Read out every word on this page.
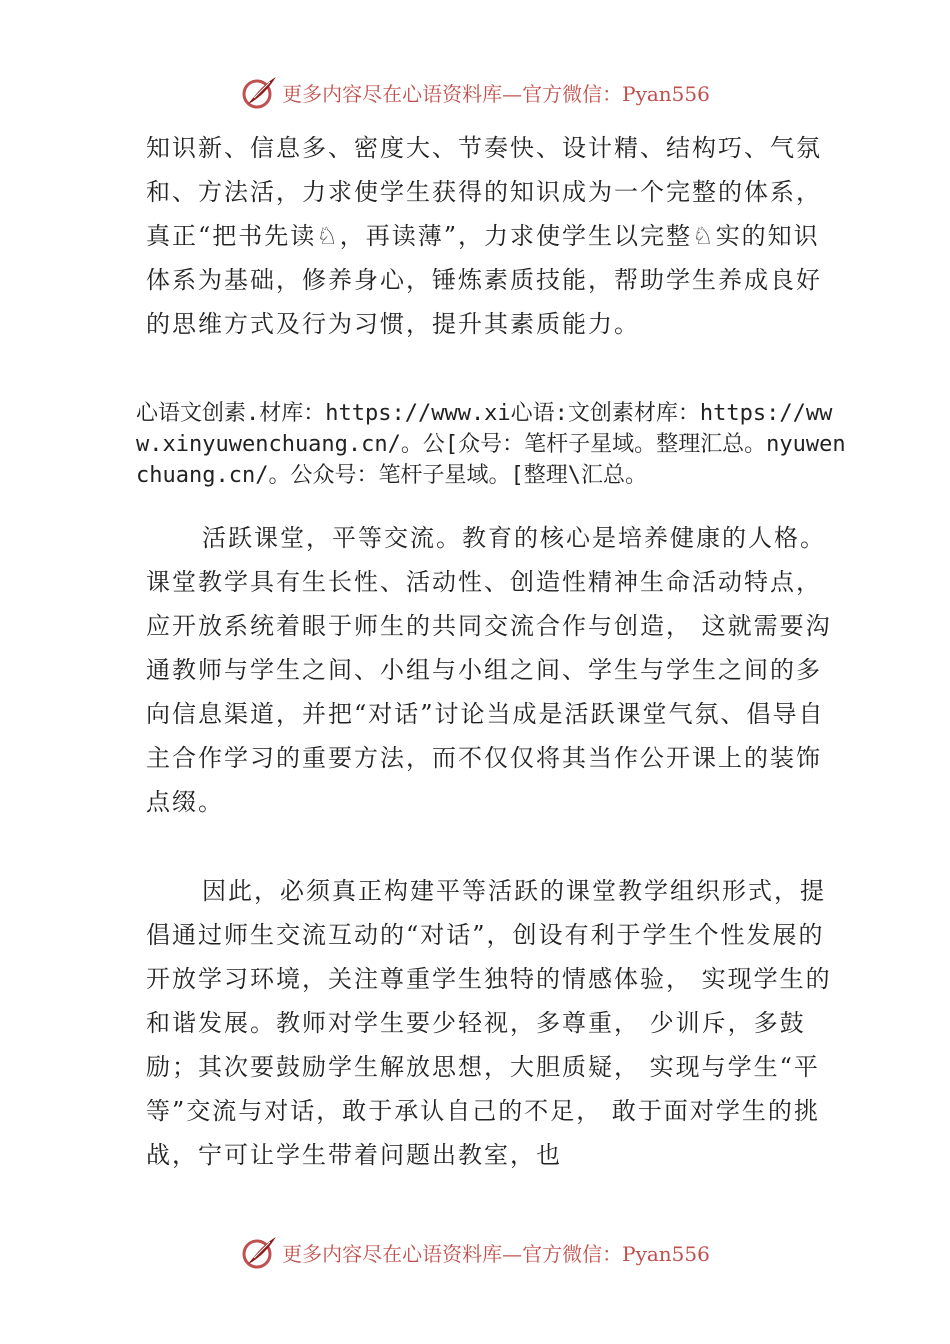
更多内容尽在心语资料库—官方微信：Pyan556

知识新、信息多、密度大、节奏快、设计精、结构巧、气氛和、方法活，力求使学生获得的知识成为一个完整的体系，真正“把书先读♘，再读薄”，力求使学生以完整♘实的知识体系为基础，修养身心，锤炼素质技能，帮助学生养成良好的思维方式及行为习惯，提升其素质能力。

心语文创素.材库：https://www.xi心语:文创素材库：https://www.xinyuwenchuang.cn/。公[众号：笔杆子星域。整理汇总。nyuwenchuang.cn/。公众号：笔杆子星域。[整理\汇总。

活跃课堂，平等交流。教育的核心是培养健康的人格。课堂教学具有生长性、活动性、创造性精神生命活动特点，应开放系统着眼于师生的共同交流合作与创造， 这就需要沟通教师与学生之间、小组与小组之间、学生与学生之间的多向信息渠道，并把“对话”讨论当成是活跃课堂气氛、倡导自主合作学习的重要方法，而不仅仅将其当作公开课上的装饰点缀。

因此，必须真正构建平等活跃的课堂教学组织形式，提倡通过师生交流互动的“对话”，创设有利于学生个性发展的开放学习环境，关注尊重学生独特的情感体验， 实现学生的和谐发展。教师对学生要少轻视，多尊重， 少训斥，多鼓励；其次要鼓励学生解放思想，大胆质疑， 实现与学生“平等”交流与对话，敢于承认自己的不足， 敢于面对学生的挑战，宁可让学生带着问题出教室，也

更多内容尽在心语资料库—官方微信：Pyan556
